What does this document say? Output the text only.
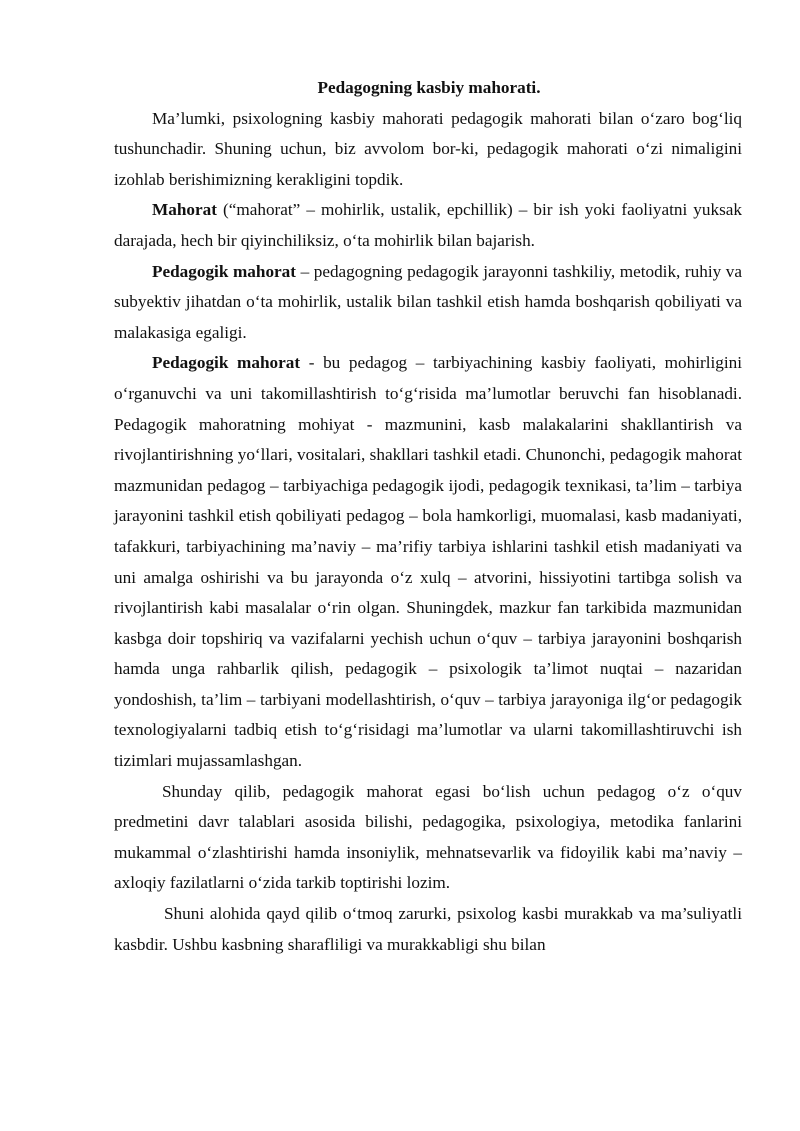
Pedagogning kasbiy mahorati.

Ma’lumki, psixologning kasbiy mahorati pedagogik mahorati bilan o‘zaro bog‘liq tushunchadir. Shuning uchun, biz avvolom bor-ki, pedagogik mahorati o‘zi nimaligini izohlab berishimizning kerakligini topdik.

Mahorat (“mahorat” – mohirlik, ustalik, epchillik) – bir ish yoki faoliyatni yuksak darajada, hech bir qiyinchiliksiz, o‘ta mohirlik bilan bajarish.

Pedagogik mahorat – pedagogning pedagogik jarayonni tashkiliy, metodik, ruhiy va subyektiv jihatdan o‘ta mohirlik, ustalik bilan tashkil etish hamda boshqarish qobiliyati va malakasiga egaligi.

Pedagogik mahorat - bu pedagog – tarbiyachining kasbiy faoliyati, mohirligini o‘rganuvchi va uni takomillashtirish to‘g‘risida ma’lumotlar beruvchi fan hisoblanadi. Pedagogik mahoratning mohiyat - mazmunini, kasb malakalarini shakllantirish va rivojlantirishning yo‘llari, vositalari, shakllari tashkil etadi. Chunonchi, pedagogik mahorat mazmunidan pedagog – tarbiyachiga pedagogik ijodi, pedagogik texnikasi, ta’lim – tarbiya jarayonini tashkil etish qobiliyati pedagog – bola hamkorligi, muomalasi, kasb madaniyati, tafakkuri, tarbiyachining ma’naviy – ma’rifiy tarbiya ishlarini tashkil etish madaniyati va uni amalga oshirishi va bu jarayonda o‘z xulq – atvorini, hissiyotini tartibga solish va rivojlantirish kabi masalalar o‘rin olgan. Shuningdek, mazkur fan tarkibida mazmunidan kasbga doir topshiriq va vazifalarni yechish uchun o‘quv – tarbiya jarayonini boshqarish hamda unga rahbarlik qilish, pedagogik – psixologik ta’limot nuqtai – nazaridan yondoshish, ta’lim – tarbiyani modellashtirish, o‘quv – tarbiya jarayoniga ilg‘or pedagogik texnologiyalarni tadbiq etish to‘g‘risidagi ma’lumotlar va ularni takomillashtiruvchi ish tizimlari mujassamlashgan.

Shunday qilib, pedagogik mahorat egasi bo‘lish uchun pedagog o‘z o‘quv predmetini davr talablari asosida bilishi, pedagogika, psixologiya, metodika fanlarini mukammal o‘zlashtirishi hamda insoniylik, mehnatsevarlik va fidoyilik kabi ma’naviy – axloqiy fazilatlarni o‘zida tarkib toptirishi lozim.

Shuni alohida qayd qilib o‘tmoq zarurki, psixolog kasbi murakkab va ma’suliyatli kasbdir. Ushbu kasbning sharafliligi va murakkabligi shu bilan
